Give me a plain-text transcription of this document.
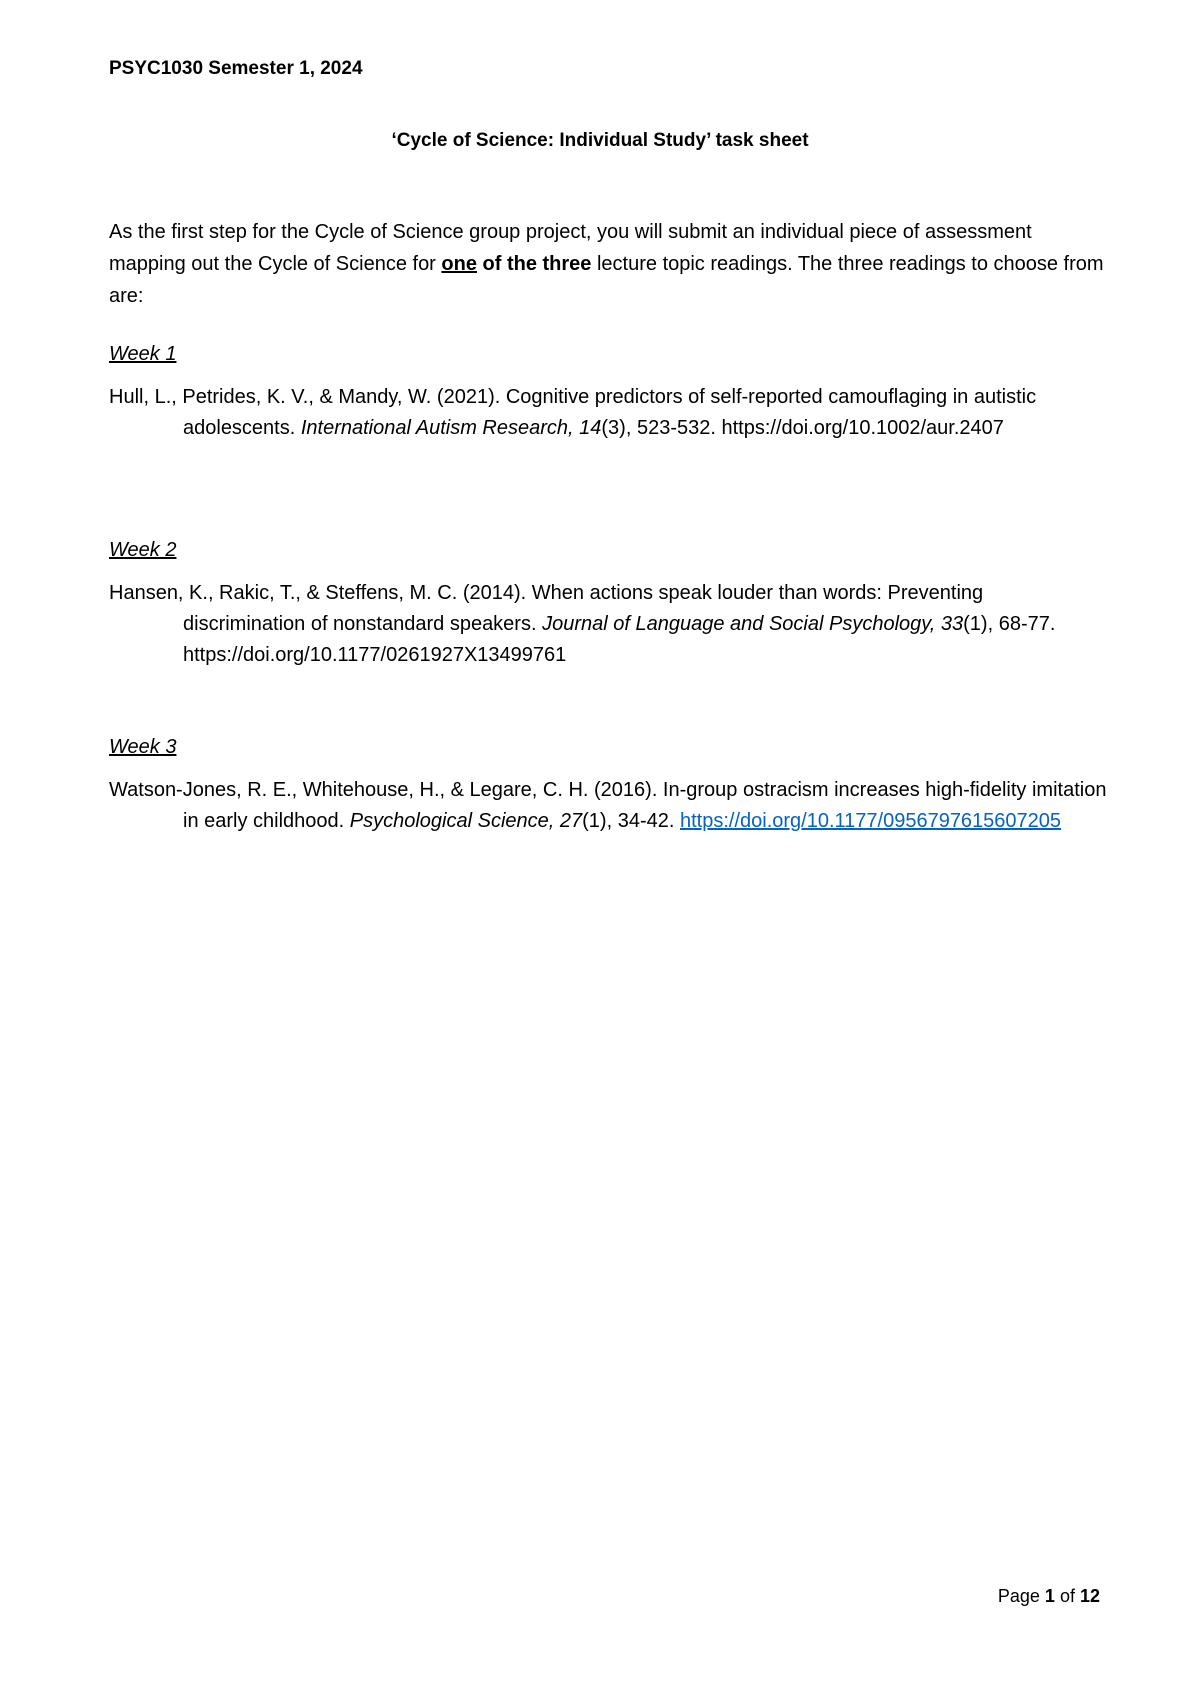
PSYC1030 Semester 1, 2024
‘Cycle of Science: Individual Study’ task sheet
As the first step for the Cycle of Science group project, you will submit an individual piece of assessment mapping out the Cycle of Science for one of the three lecture topic readings. The three readings to choose from are:
Week 1
Hull, L., Petrides, K. V., & Mandy, W. (2021). Cognitive predictors of self-reported camouflaging in autistic adolescents. International Autism Research, 14(3), 523-532. https://doi.org/10.1002/aur.2407
Week 2
Hansen, K., Rakic, T., & Steffens, M. C. (2014). When actions speak louder than words: Preventing discrimination of nonstandard speakers. Journal of Language and Social Psychology, 33(1), 68-77. https://doi.org/10.1177/0261927X13499761
Week 3
Watson-Jones, R. E., Whitehouse, H., & Legare, C. H. (2016). In-group ostracism increases high-fidelity imitation in early childhood. Psychological Science, 27(1), 34-42. https://doi.org/10.1177/0956797615607205
Page 1 of 12
